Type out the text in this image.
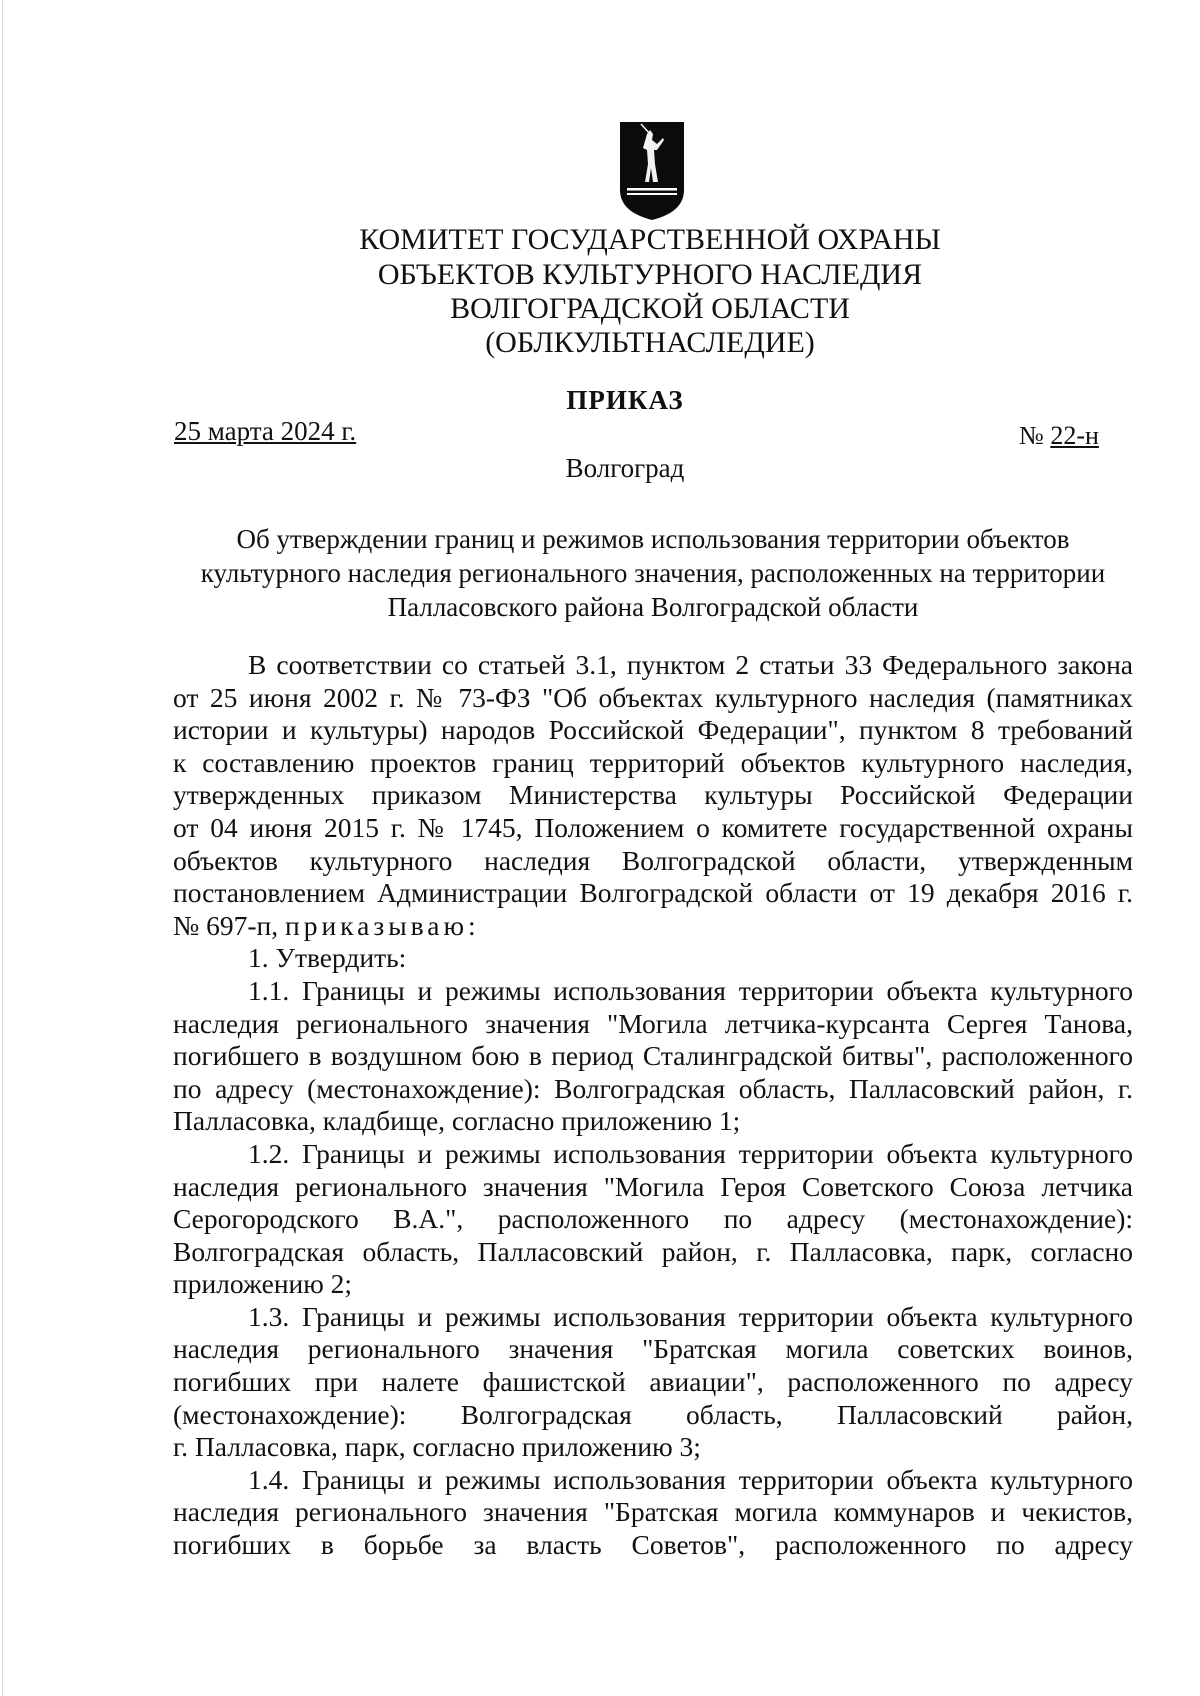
КОМИТЕТ ГОСУДАРСТВЕННОЙ ОХРАНЫ
ОБЪЕКТОВ КУЛЬТУРНОГО НАСЛЕДИЯ
ВОЛГОГРАДСКОЙ ОБЛАСТИ
(ОБЛКУЛЬТНАСЛЕДИЕ)
ПРИКАЗ
25 марта 2024 г.	№ 22-н
Волгоград
Об утверждении границ и режимов использования территории объектов
культурного наследия регионального значения, расположенных на территории
Палласовского района Волгоградской области

В соответствии со статьей 3.1, пунктом 2 статьи 33 Федерального закона
от 25 июня 2002 г. № 73-ФЗ "Об объектах культурного наследия (памятниках
истории и культуры) народов Российской Федерации", пунктом 8 требований
к составлению проектов границ территорий объектов культурного наследия,
утвержденных приказом Министерства культуры Российской Федерации
от 04 июня 2015 г. № 1745, Положением о комитете государственной охраны
объектов культурного наследия Волгоградской области, утвержденным
постановлением Администрации Волгоградской области от 19 декабря 2016 г.
№ 697-п, приказываю:

1. Утвердить:

1.1. Границы и режимы использования территории объекта культурного
наследия регионального значения "Могила летчика-курсанта Сергея Танова,
погибшего в воздушном бою в период Сталинградской битвы", расположенного
по адресу (местонахождение): Волгоградская область, Палласовский район, г.
Палласовка, кладбище, согласно приложению 1;

1.2. Границы и режимы использования территории объекта культурного
наследия регионального значения "Могила Героя Советского Союза летчика
Серогородского В.А.", расположенного по адресу (местонахождение):
Волгоградская область, Палласовский район, г. Палласовка, парк, согласно
приложению 2;

1.3. Границы и режимы использования территории объекта культурного
наследия регионального значения "Братская могила советских воинов,
погибших при налете фашистской авиации", расположенного по адресу
(местонахождение): Волгоградская область, Палласовский район,
г. Палласовка, парк, согласно приложению 3;

1.4. Границы и режимы использования территории объекта культурного
наследия регионального значения "Братская могила коммунаров и чекистов,
погибших в борьбе за власть Советов", расположенного по адресу
